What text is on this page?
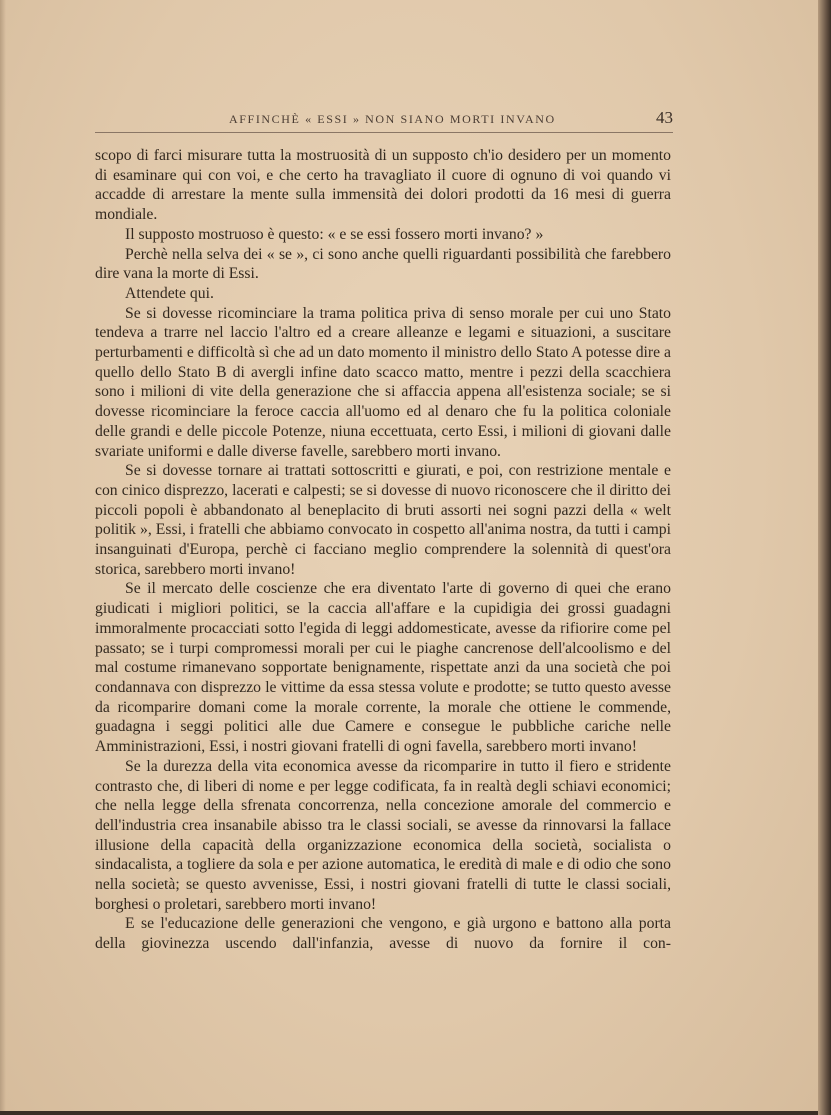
AFFINCHÈ « ESSI » NON SIANO MORTI INVANO	43

scopo di farci misurare tutta la mostruosità di un supposto ch'io desidero per un momento di esaminare qui con voi, e che certo ha travagliato il cuore di ognuno di voi quando vi accadde di arrestare la mente sulla immensità dei dolori prodotti da 16 mesi di guerra mondiale.

Il supposto mostruoso è questo: « e se essi fossero morti invano? »

Perchè nella selva dei « se », ci sono anche quelli riguardanti possibilità che farebbero dire vana la morte di Essi.

Attendete qui.

Se si dovesse ricominciare la trama politica priva di senso morale per cui uno Stato tendeva a trarre nel laccio l'altro ed a creare alleanze e legami e situazioni, a suscitare perturbamenti e difficoltà sì che ad un dato momento il ministro dello Stato A potesse dire a quello dello Stato B di avergli infine dato scacco matto, mentre i pezzi della scacchiera sono i milioni di vite della generazione che si affaccia appena all'esistenza sociale; se si dovesse ricominciare la feroce caccia all'uomo ed al denaro che fu la politica coloniale delle grandi e delle piccole Potenze, niuna eccettuata, certo Essi, i milioni di giovani dalle svariate uniformi e dalle diverse favelle, sarebbero morti invano.

Se si dovesse tornare ai trattati sottoscritti e giurati, e poi, con restrizione mentale e con cinico disprezzo, lacerati e calpesti; se si dovesse di nuovo riconoscere che il diritto dei piccoli popoli è abbandonato al beneplacito di bruti assorti nei sogni pazzi della « welt politik », Essi, i fratelli che abbiamo convocato in cospetto all'anima nostra, da tutti i campi insanguinati d'Europa, perchè ci facciano meglio comprendere la solennità di quest'ora storica, sarebbero morti invano!

Se il mercato delle coscienze che era diventato l'arte di governo di quei che erano giudicati i migliori politici, se la caccia all'affare e la cupidigia dei grossi guadagni immoralmente procacciati sotto l'egida di leggi addomesticate, avesse da rifiorire come pel passato; se i turpi compromessi morali per cui le piaghe cancrenose dell'alcoolismo e del mal costume rimanevano sopportate benignamente, rispettate anzi da una società che poi condannava con disprezzo le vittime da essa stessa volute e prodotte; se tutto questo avesse da ricomparire domani come la morale corrente, la morale che ottiene le commende, guadagna i seggi politici alle due Camere e consegue le pubbliche cariche nelle Amministrazioni, Essi, i nostri giovani fratelli di ogni favella, sarebbero morti invano!

Se la durezza della vita economica avesse da ricomparire in tutto il fiero e stridente contrasto che, di liberi di nome e per legge codificata, fa in realtà degli schiavi economici; che nella legge della sfrenata concorrenza, nella concezione amorale del commercio e dell'industria crea insanabile abisso tra le classi sociali, se avesse da rinnovarsi la fallace illusione della capacità della organizzazione economica della società, socialista o sindacalista, a togliere da sola e per azione automatica, le eredità di male e di odio che sono nella società; se questo avvenisse, Essi, i nostri giovani fratelli di tutte le classi sociali, borghesi o proletari, sarebbero morti invano!

E se l'educazione delle generazioni che vengono, e già urgono e battono alla porta della giovinezza uscendo dall'infanzia, avesse di nuovo da fornire il con-
